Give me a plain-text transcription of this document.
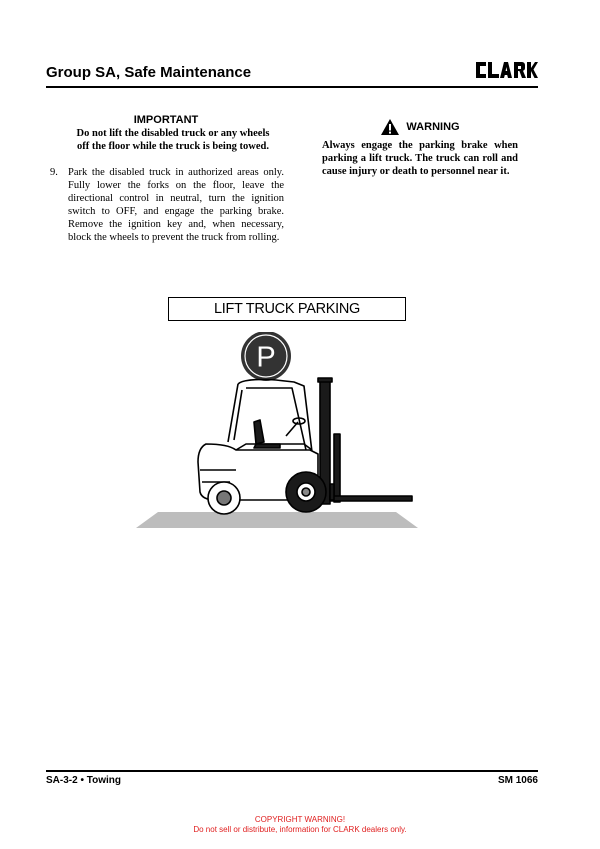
Group SA, Safe Maintenance
IMPORTANT
Do not lift the disabled truck or any wheels
off the floor while the truck is being towed.
9. Park the disabled truck in authorized areas only. Fully lower the forks on the floor, leave the directional control in neutral, turn the ignition switch to OFF, and engage the parking brake. Remove the ignition key and, when necessary, block the wheels to prevent the truck from rolling.
WARNING
Always engage the parking brake when parking a lift truck. The truck can roll and cause injury or death to personnel near it.
LIFT TRUCK PARKING
P
SA-3-2 • Towing	SM 1066
COPYRIGHT WARNING!
Do not sell or distribute, information for CLARK dealers only.
